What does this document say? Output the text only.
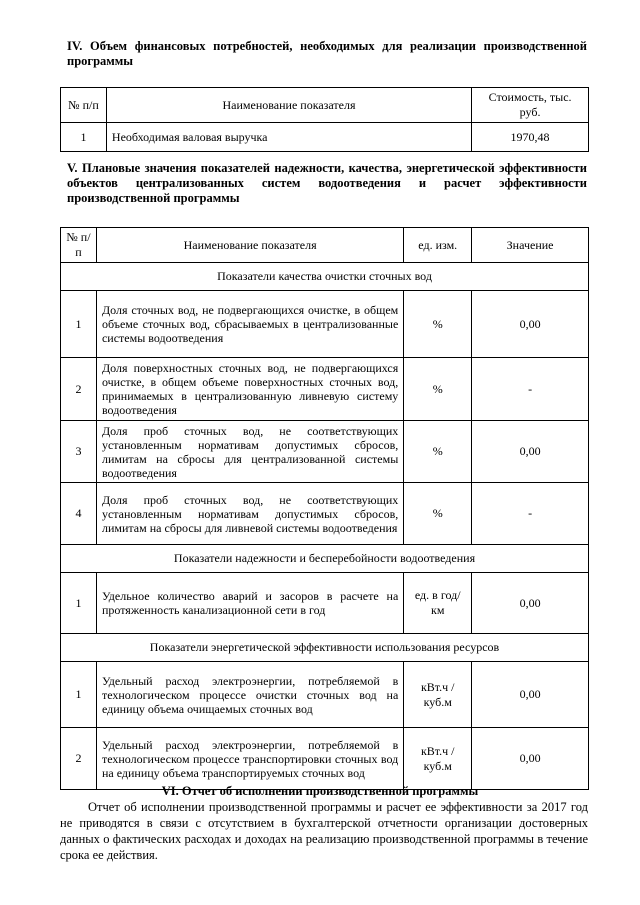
IV. Объем финансовых потребностей, необходимых для реализации производственной программы
№ п/п	Наименование показателя	Стоимость, тыс. руб.
1	Необходимая валовая выручка	1970,48
V. Плановые значения показателей надежности, качества, энергетической эффективности объектов централизованных систем водоотведения и расчет эффективности производственной программы
№ п/п	Наименование показателя	ед. изм.	Значение
Показатели качества очистки сточных вод			
1	Доля сточных вод, не подвергающихся очистке, в общем объеме сточных вод, сбрасываемых в централизованные системы водоотведения	%	0,00
2	Доля поверхностных сточных вод, не подвергающихся очистке, в общем объеме поверхностных сточных вод, принимаемых в централизованную ливневую систему водоотведения	%	-
3	Доля проб сточных вод, не соответствующих установленным нормативам допустимых сбросов, лимитам на сбросы для централизованной системы водоотведения	%	0,00
4	Доля проб сточных вод, не соответствующих установленным нормативам допустимых сбросов, лимитам на сбросы для ливневой системы водоотведения	%	-
Показатели надежности и бесперебойности водоотведения			
1	Удельное количество аварий и засоров в расчете на протяженность канализационной сети в год	ед. в год/ км	0,00
Показатели энергетической эффективности использования ресурсов			
1	Удельный расход электроэнергии, потребляемой в технологическом процессе очистки сточных вод на единицу объема очищаемых сточных вод	кВт.ч / куб.м	0,00
2	Удельный расход электроэнергии, потребляемой в технологическом процессе транспортировки сточных вод на единицу объема транспортируемых сточных вод	кВт.ч / куб.м	0,00
VI. Отчет об исполнении производственной программы
Отчет об исполнении производственной программы и расчет ее эффективности за 2017 год не приводятся в связи с отсутствием в бухгалтерской отчетности организации достоверных данных о фактических расходах и доходах на реализацию производственной программы в течение срока ее действия.
